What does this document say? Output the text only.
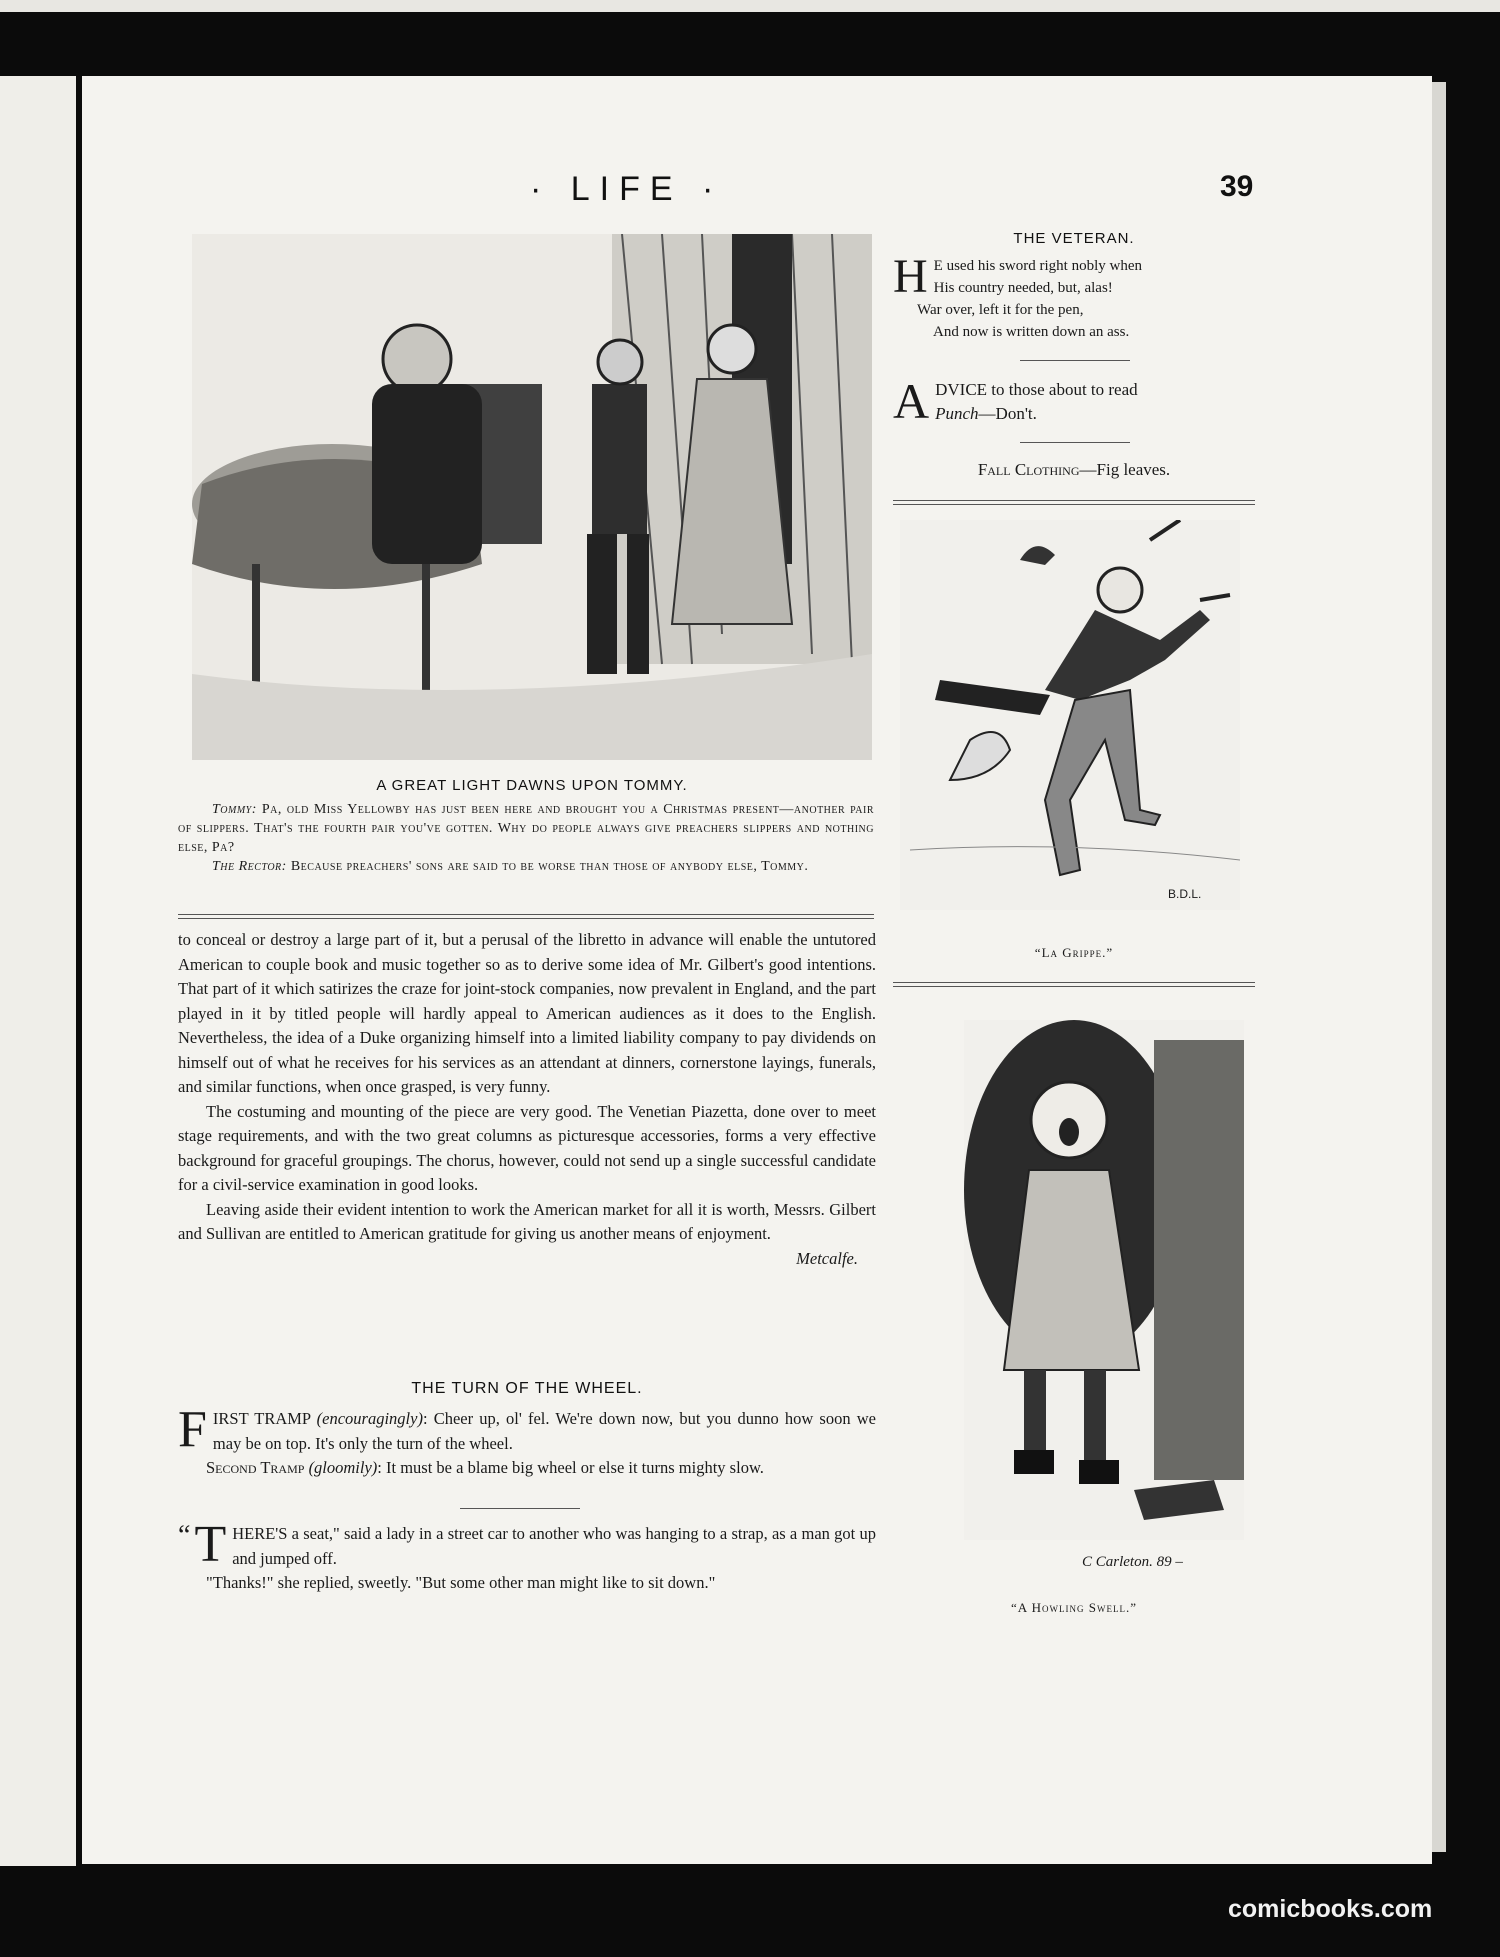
· LIFE ·	39
A GREAT LIGHT DAWNS UPON TOMMY.

Tommy: Pa, old Miss Yellowby has just been here and brought you a Christmas present—another pair of slippers. That's the fourth pair you've gotten. Why do people always give preachers slippers and nothing else, Pa?

The Rector: Because preachers' sons are said to be worse than those of anybody else, Tommy.

to conceal or destroy a large part of it, but a perusal of the libretto in advance will enable the untutored American to couple book and music together so as to derive some idea of Mr. Gilbert's good intentions. That part of it which satirizes the craze for joint-stock companies, now prevalent in England, and the part played in it by titled people will hardly appeal to American audiences as it does to the English. Nevertheless, the idea of a Duke organizing himself into a limited liability company to pay dividends on himself out of what he receives for his services as an attendant at dinners, cornerstone layings, funerals, and similar functions, when once grasped, is very funny.

The costuming and mounting of the piece are very good. The Venetian Piazetta, done over to meet stage requirements, and with the two great columns as picturesque accessories, forms a very effective background for graceful groupings. The chorus, however, could not send up a single successful candidate for a civil-service examination in good looks.

Leaving aside their evident intention to work the American market for all it is worth, Messrs. Gilbert and Sullivan are entitled to American gratitude for giving us another means of enjoyment.
Metcalfe.

THE TURN OF THE WHEEL.

F IRST TRAMP (encouragingly): Cheer up, ol' fel. We're down now, but you dunno how soon we may be on top. It's only the turn of the wheel.

Second Tramp (gloomily): It must be a blame big wheel or else it turns mighty slow.

“ T HERE'S a seat," said a lady in a street car to another who was hanging to a strap, as a man got up and jumped off.

"Thanks!" she replied, sweetly. "But some other man might like to sit down."

THE VETERAN.
H E used his sword right nobly when
His country needed, but, alas!
War over, left it for the pen,
And now is written down an ass.
A DVICE to those about to read
Punch—Don't.
Fall Clothing—Fig leaves.
B.D.L.
“La Grippe.”
C Carleton. 89 –
“A Howling Swell.”
comicbooks.com
